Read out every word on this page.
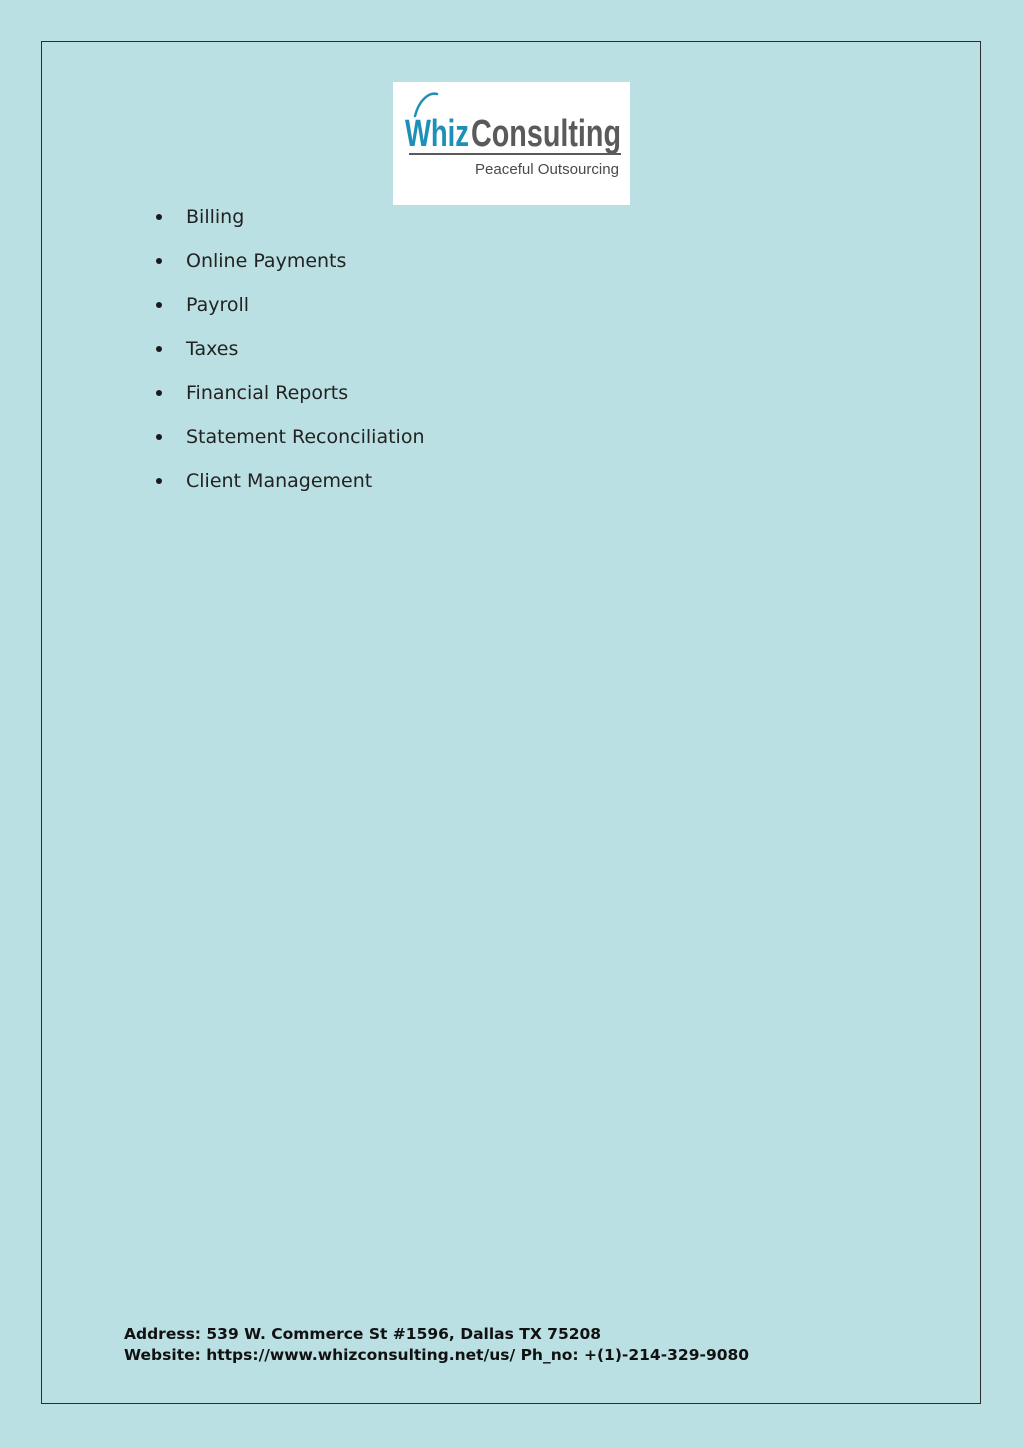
Whiz Consulting
Peaceful Outsourcing
Billing
Online Payments
Payroll
Taxes
Financial Reports
Statement Reconciliation
Client Management
Address: 539 W. Commerce St #1596, Dallas TX 75208
Website: https://www.whizconsulting.net/us/ Ph_no: +(1)-214-329-9080
